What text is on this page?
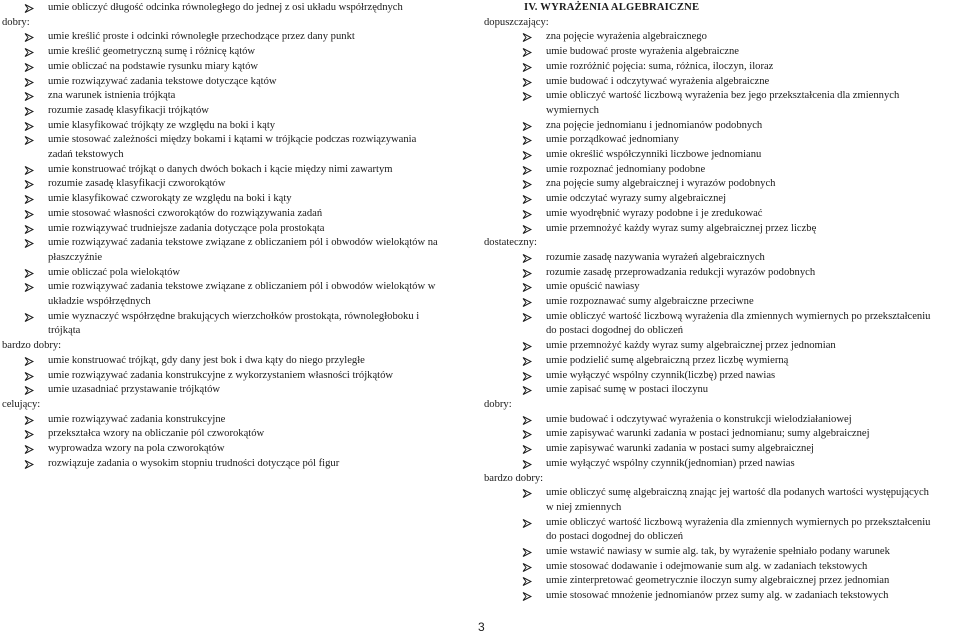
umie obliczyć długość odcinka równoległego do jednej z osi układu współrzędnych
dobry:
umie kreślić proste i odcinki równoległe przechodzące przez dany punkt
umie kreślić geometryczną sumę i różnicę kątów
umie obliczać na podstawie rysunku miary kątów
umie rozwiązywać zadania tekstowe dotyczące kątów
zna warunek istnienia trójkąta
rozumie zasadę klasyfikacji trójkątów
umie klasyfikować trójkąty ze względu na boki i kąty
umie stosować zależności między bokami i kątami w trójkącie podczas rozwiązywania
zadań tekstowych
umie konstruować trójkąt o danych dwóch bokach i kącie między nimi zawartym
rozumie zasadę klasyfikacji czworokątów
umie klasyfikować czworokąty ze względu na boki i kąty
umie stosować własności czworokątów do rozwiązywania zadań
umie rozwiązywać trudniejsze zadania dotyczące pola prostokąta
umie rozwiązywać zadania tekstowe związane z obliczaniem pól i obwodów wielokątów na
płaszczyźnie
umie obliczać pola wielokątów
umie rozwiązywać zadania tekstowe związane z obliczaniem pól i obwodów wielokątów w
układzie współrzędnych
umie wyznaczyć współrzędne brakujących wierzchołków prostokąta, równoległoboku i
trójkąta
bardzo dobry:
umie konstruować trójkąt, gdy dany jest bok i dwa kąty do niego przyległe
umie rozwiązywać zadania konstrukcyjne z wykorzystaniem własności trójkątów
umie uzasadniać przystawanie trójkątów
celujący:
umie rozwiązywać zadania konstrukcyjne
przekształca wzory na obliczanie pól czworokątów
wyprowadza wzory na pola czworokątów
rozwiązuje zadania o wysokim stopniu trudności dotyczące pól figur
IV. WYRAŻENIA ALGEBRAICZNE
dopuszczający:
zna pojęcie wyrażenia algebraicznego
umie budować proste wyrażenia algebraiczne
umie rozróżnić pojęcia: suma, różnica, iloczyn, iloraz
umie budować i odczytywać wyrażenia algebraiczne
umie obliczyć wartość liczbową wyrażenia bez jego przekształcenia dla zmiennych
wymiernych
zna pojęcie jednomianu i jednomianów podobnych
umie porządkować jednomiany
umie określić współczynniki liczbowe jednomianu
umie rozpoznać jednomiany podobne
zna pojęcie sumy algebraicznej i wyrazów podobnych
umie odczytać wyrazy sumy algebraicznej
umie wyodrębnić wyrazy podobne i je zredukować
umie przemnożyć każdy wyraz sumy algebraicznej przez liczbę
dostateczny:
rozumie zasadę nazywania wyrażeń algebraicznych
rozumie zasadę przeprowadzania redukcji wyrazów podobnych
umie opuścić nawiasy
umie rozpoznawać sumy algebraiczne przeciwne
umie obliczyć wartość liczbową wyrażenia dla zmiennych wymiernych po przekształceniu
do postaci dogodnej do obliczeń
umie przemnożyć każdy wyraz sumy algebraicznej przez jednomian
umie podzielić sumę algebraiczną przez liczbę wymierną
umie wyłączyć wspólny czynnik(liczbę) przed nawias
umie zapisać sumę w postaci iloczynu
dobry:
umie budować i odczytywać wyrażenia o konstrukcji wielodziałaniowej
umie zapisywać warunki zadania w postaci jednomianu; sumy algebraicznej
umie zapisywać warunki zadania w postaci sumy algebraicznej
umie wyłączyć wspólny czynnik(jednomian) przed nawias
bardzo dobry:
umie obliczyć sumę algebraiczną znając jej wartość dla podanych wartości występujących
w niej zmiennych
umie obliczyć wartość liczbową wyrażenia dla zmiennych wymiernych po przekształceniu
do postaci dogodnej do obliczeń
umie wstawić nawiasy w sumie alg. tak, by wyrażenie spełniało podany warunek
umie stosować dodawanie i odejmowanie sum alg. w zadaniach tekstowych
umie zinterpretować geometrycznie iloczyn sumy algebraicznej przez jednomian
umie stosować mnożenie jednomianów przez sumy alg. w zadaniach tekstowych
3
